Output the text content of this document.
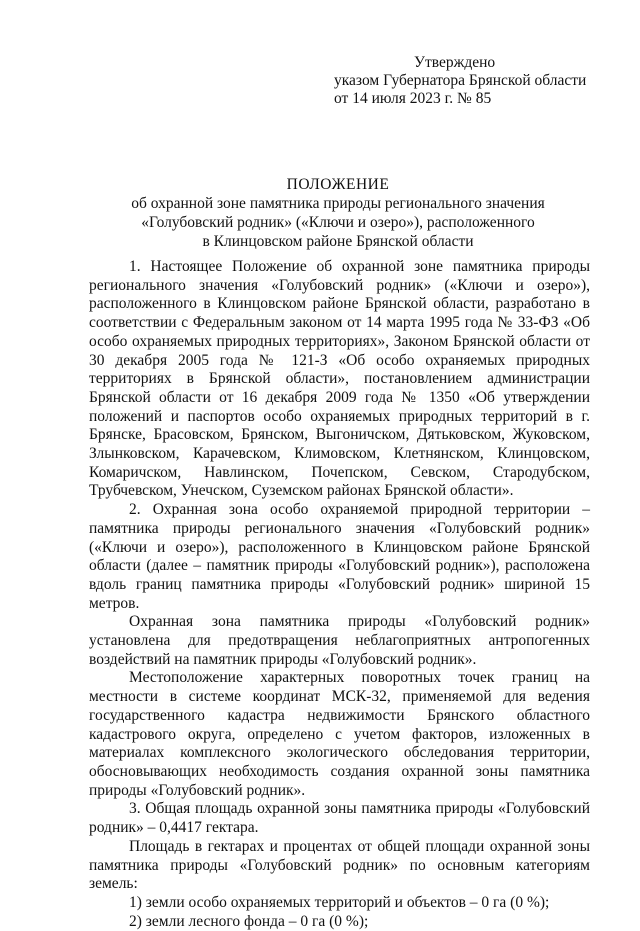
Утверждено
указом Губернатора Брянской области
от 14 июля 2023 г. № 85
ПОЛОЖЕНИЕ
об охранной зоне памятника природы регионального значения
«Голубовский родник» («Ключи и озеро»), расположенного
в Клинцовском районе Брянской области

1. Настоящее Положение об охранной зоне памятника природы регионального значения «Голубовский родник» («Ключи и озеро»), расположенного в Клинцовском районе Брянской области, разработано в соответствии с Федеральным законом от 14 марта 1995 года № 33-ФЗ «Об особо охраняемых природных территориях», Законом Брянской области от 30 декабря 2005 года № 121-З «Об особо охраняемых природных территориях в Брянской области», постановлением администрации Брянской области от 16 декабря 2009 года № 1350 «Об утверждении положений и паспортов особо охраняемых природных территорий в г. Брянске, Брасовском, Брянском, Выгоничском, Дятьковском, Жуковском, Злынковском, Карачевском, Климовском, Клетнянском, Клинцовском, Комаричском, Навлинском, Почепском, Севском, Стародубском, Трубчевском, Унечском, Суземском районах Брянской области».

2. Охранная зона особо охраняемой природной территории – памятника природы регионального значения «Голубовский родник» («Ключи и озеро»), расположенного в Клинцовском районе Брянской области (далее – памятник природы «Голубовский родник»), расположена вдоль границ памятника природы «Голубовский родник» шириной 15 метров.

Охранная зона памятника природы «Голубовский родник» установлена для предотвращения неблагоприятных антропогенных воздействий на памятник природы «Голубовский родник».

Местоположение характерных поворотных точек границ на местности в системе координат МСК-32, применяемой для ведения государственного кадастра недвижимости Брянского областного кадастрового округа, определено с учетом факторов, изложенных в материалах комплексного экологического обследования территории, обосновывающих необходимость создания охранной зоны памятника природы «Голубовский родник».

3. Общая площадь охранной зоны памятника природы «Голубовский родник» – 0,4417 гектара.

Площадь в гектарах и процентах от общей площади охранной зоны памятника природы «Голубовский родник» по основным категориям земель:

1) земли особо охраняемых территорий и объектов – 0 га (0 %);

2) земли лесного фонда – 0 га (0 %);
